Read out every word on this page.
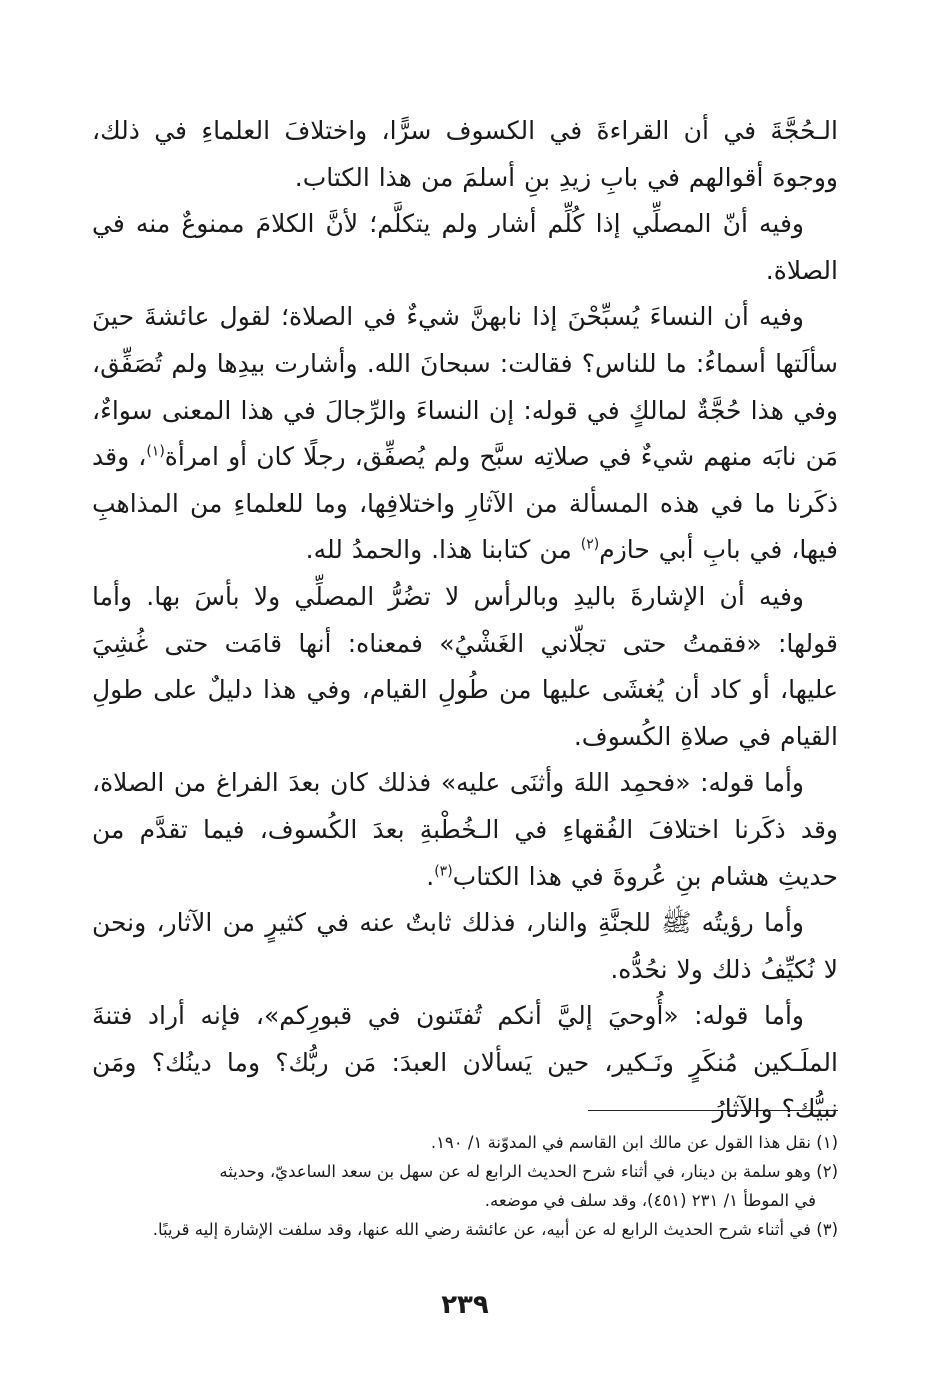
الـحُجَّةَ في أن القراءةَ في الكسوف سرًّا، واختلافَ العلماءِ في ذلك، ووجوهَ أقوالهم في بابِ زيدِ بنِ أسلمَ من هذا الكتاب.

وفيه أنّ المصلِّي إذا كُلِّم أشار ولم يتكلَّم؛ لأنَّ الكلامَ ممنوعٌ منه في الصلاة.

وفيه أن النساءَ يُسبِّحْنَ إذا نابهنَّ شيءٌ في الصلاة؛ لقول عائشةَ حينَ سألَتها أسماءُ: ما للناس؟ فقالت: سبحانَ الله. وأشارت بيدِها ولم تُصَفِّق، وفي هذا حُجَّةٌ لمالكٍ في قوله: إن النساءَ والرِّجالَ في هذا المعنى سواءٌ، مَن نابَه منهم شيءٌ في صلاتِه سبَّح ولم يُصفِّق، رجلًا كان أو امرأة$^{(١)}$، وقد ذكَرنا ما في هذه المسألة من الآثارِ واختلافِها، وما للعلماءِ من المذاهبِ فيها، في بابِ أبي حازم$^{(٢)}$ من كتابنا هذا. والحمدُ لله.

وفيه أن الإشارةَ باليدِ وبالرأس لا تضُرُّ المصلِّي ولا بأسَ بها. وأما قولها: «فقمتُ حتى تجلّاني الغَشْيُ» فمعناه: أنها قامَت حتى غُشِيَ عليها، أو كاد أن يُغشَى عليها من طُولِ القيام، وفي هذا دليلٌ على طولِ القيام في صلاةِ الكُسوف.

وأما قوله: «فحمِد اللهَ وأثنَى عليه» فذلك كان بعدَ الفراغ من الصلاة، وقد ذكَرنا اختلافَ الفُقهاءِ في الـخُطْبةِ بعدَ الكُسوف، فيما تقدَّم من حديثِ هشام بنِ عُروةَ في هذا الكتاب$^{(٣)}$.

وأما رؤيتُه ﷺ للجنَّةِ والنار، فذلك ثابتٌ عنه في كثيرٍ من الآثار، ونحن لا نُكيِّفُ ذلك ولا نحُدُّه.

وأما قوله: «أُوحيَ إليَّ أنكم تُفتَنون في قبورِكم»، فإنه أراد فتنةَ الملَـكين مُنكَرٍ ونَـكير، حين يَسألان العبدَ: مَن ربُّك؟ وما دينُك؟ ومَن نبيُّك؟ والآثارُ

(١) نقل هذا القول عن مالك ابن القاسم في المدوّنة ١/ ١٩٠.

(٢) وهو سلمة بن دينار، في أثناء شرح الحديث الرابع له عن سهل بن سعد الساعديّ، وحديثه
في الموطأ ١/ ٢٣١ (٤٥١)، وقد سلف في موضعه.

(٣) في أثناء شرح الحديث الرابع له عن أبيه، عن عائشة رضي الله عنها، وقد سلفت الإشارة إليه قريبًا.

٢٣٩
